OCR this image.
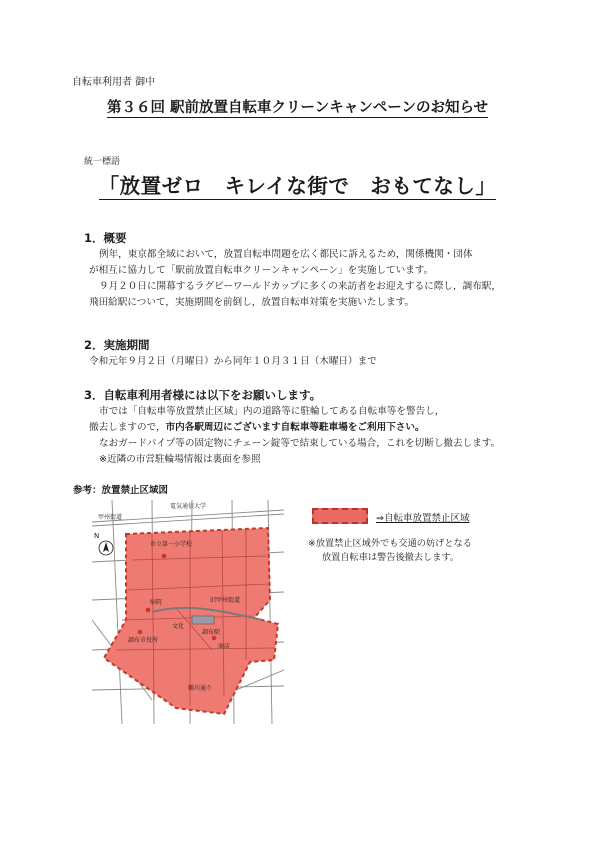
自転車利用者 御中
第３６回 駅前放置自転車クリーンキャンペーンのお知らせ
統一標語
「放置ゼロ　キレイな街で　おもてなし」
1．概要
例年，東京都全域において，放置自転車問題を広く都民に訴えるため，関係機関・団体
が相互に協力して「駅前放置自転車クリーンキャンペーン」を実施しています。
９月２０日に開幕するラグビーワールドカップに多くの来訪者をお迎えするに際し，調布駅，
飛田給駅について，実施期間を前倒し，放置自転車対策を実施いたします。
2．実施期間
令和元年９月２日（月曜日）から同年１０月３１日（木曜日）まで
3．自転車利用者様には以下をお願いします。
市では「自転車等放置禁止区域」内の道路等に駐輪してある自転車等を警告し，
撤去しますので，市内各駅周辺にございます自転車等駐車場をご利用下さい。
なおガードパイプ等の固定物にチェーン錠等で結束している場合，これを切断し撤去します。
※近隣の市営駐輪場情報は裏面を参照
参考：放置禁止区域図
N
電気通信大学
甲州街道
市立第一小学校
旧甲州街道
病院
文化
調布駅
調布市役所
商店
鶴川通り
⇒自転車放置禁止区域
※放置禁止区域外でも交通の妨げとなる
放置自転車は警告後撤去します。
